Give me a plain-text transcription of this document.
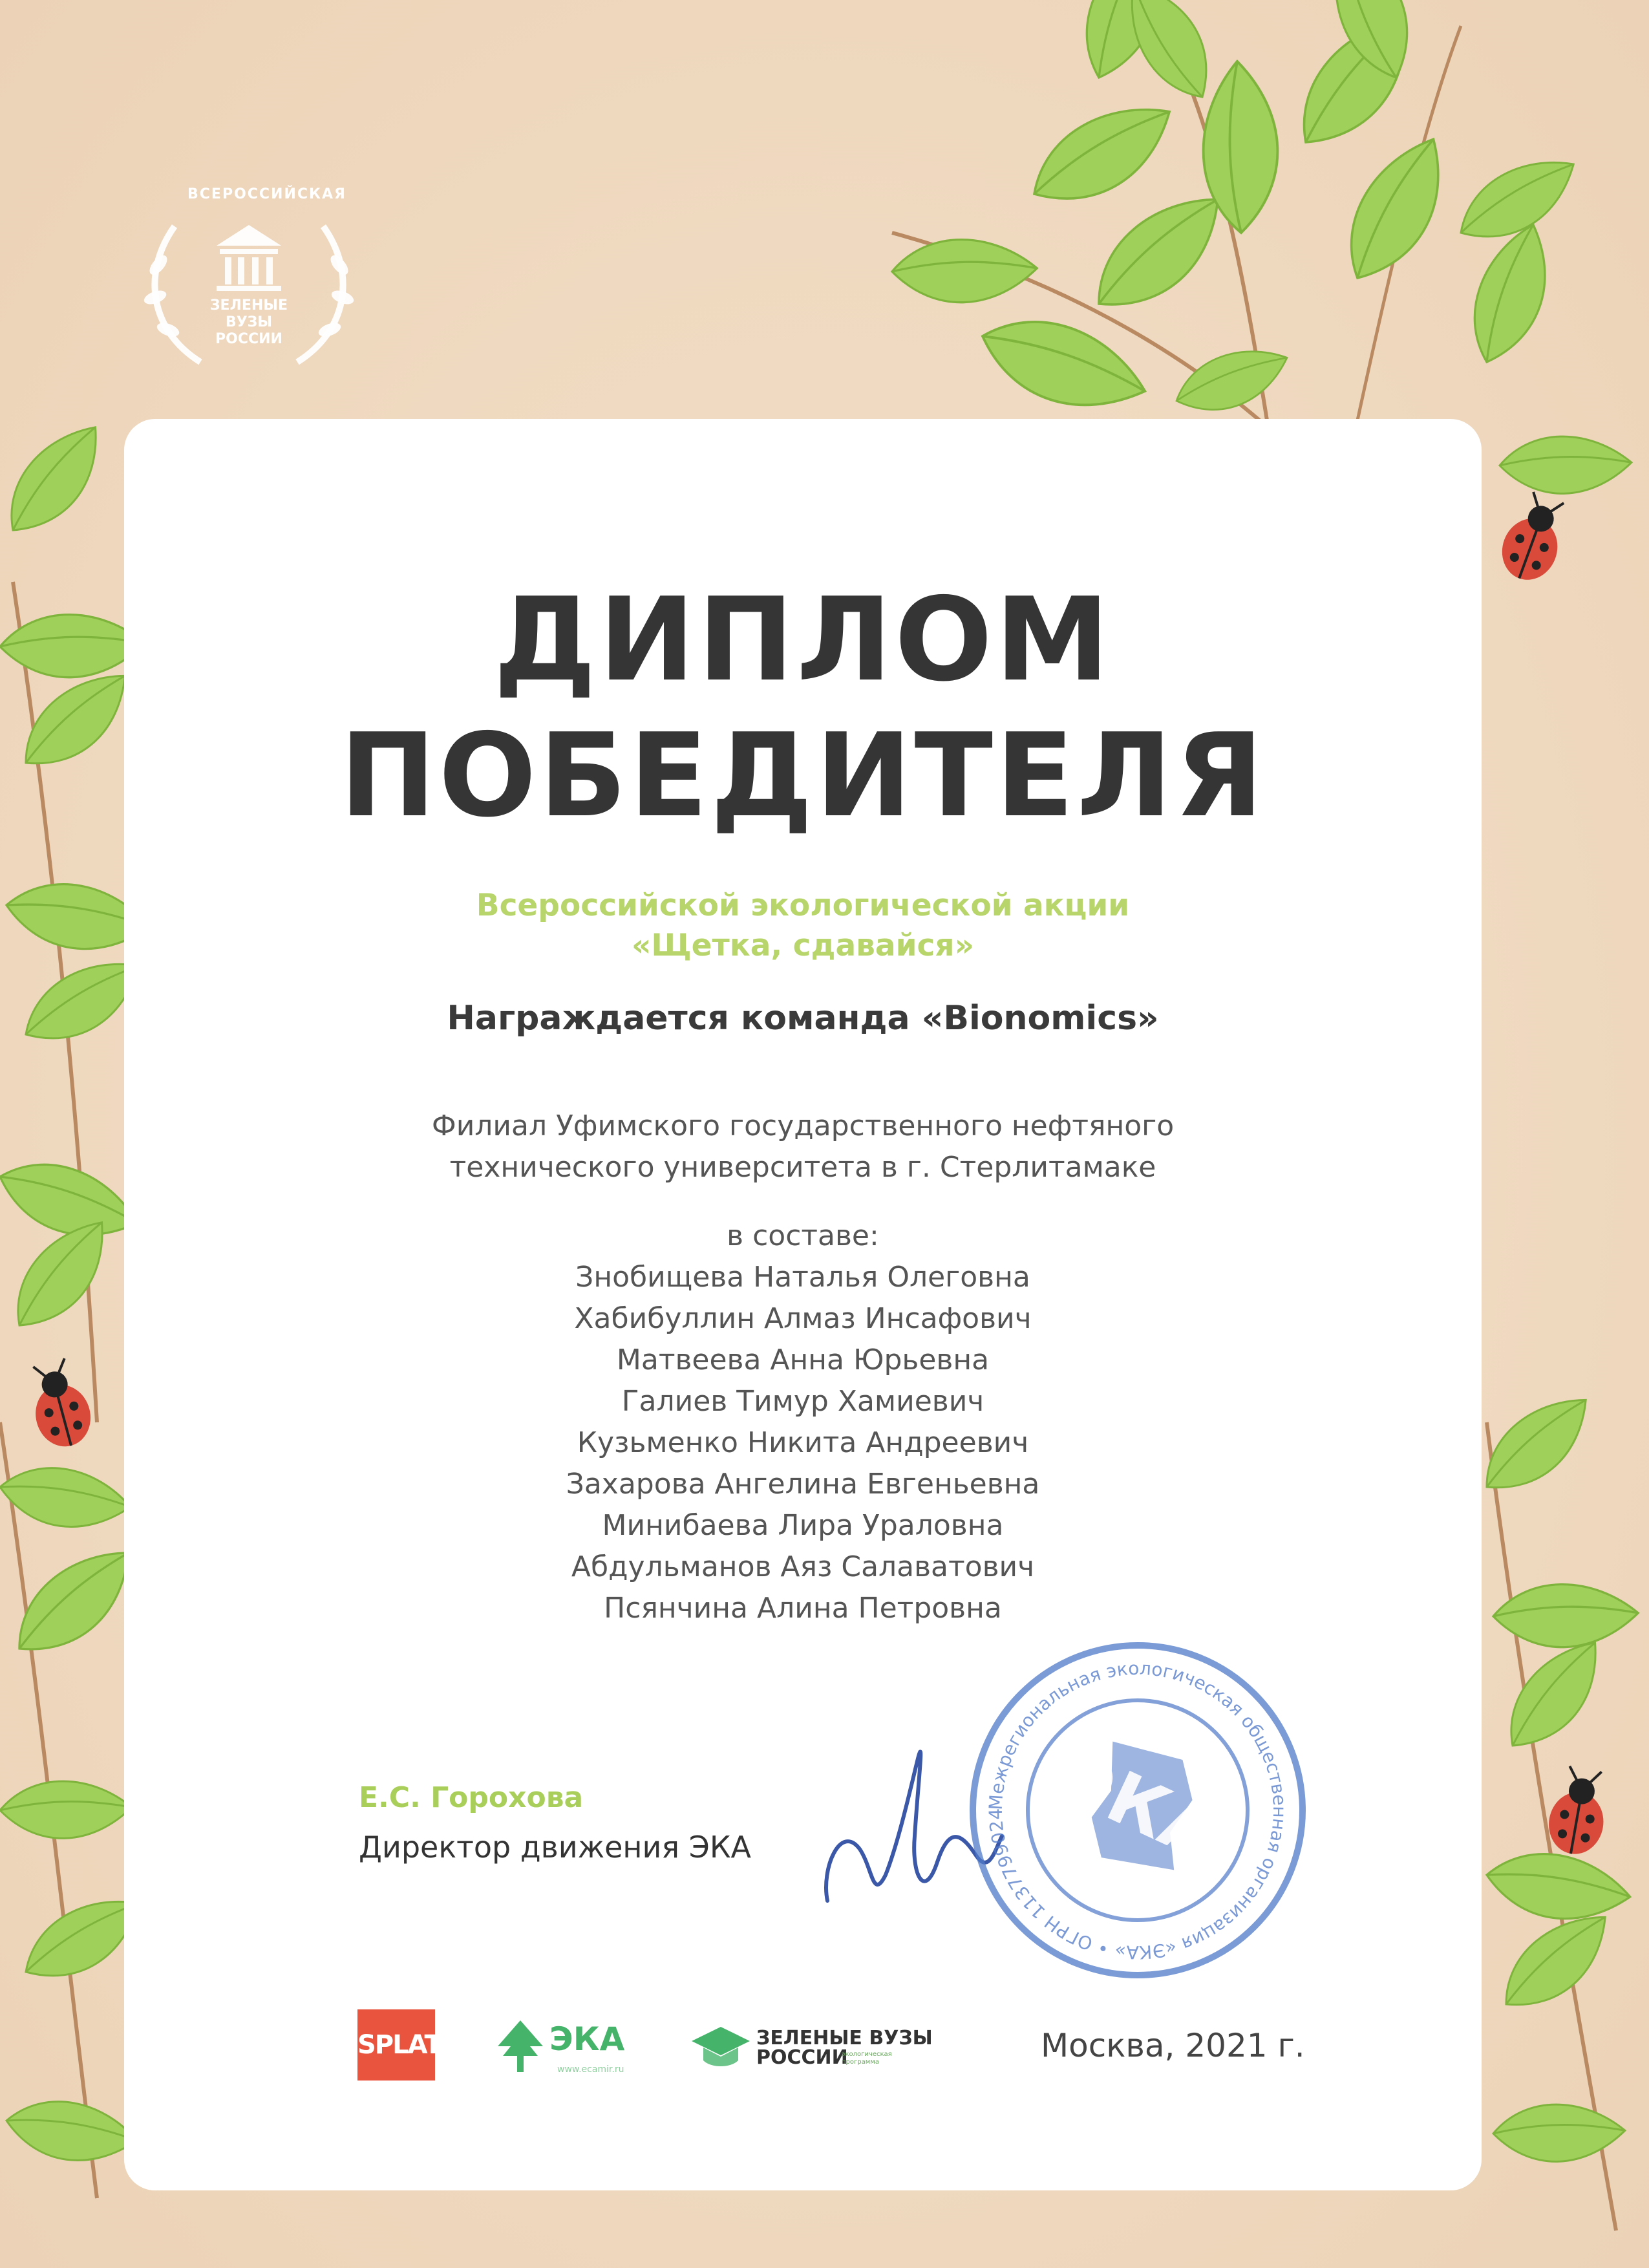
ВСЕРОССИЙСКАЯ
ЗЕЛЕНЫЕ ВУЗЫ РОССИИ
ДИПЛОМ
ПОБЕДИТЕЛЯ
Всероссийской экологической акции
«Щетка, сдавайся»
Награждается команда «Bionomics»
Филиал Уфимского государственного нефтяного
технического университета в г. Стерлитамаке
в составе:
Знобищева Наталья Олеговна
Хабибуллин Алмаз Инсафович
Матвеева Анна Юрьевна
Галиев Тимур Хамиевич
Кузьменко Никита Андреевич
Захарова Ангелина Евгеньевна
Минибаева Лира Ураловна
Абдульманов Аяз Салаватович
Псянчина Алина Петровна
Е.С. Горохова
Директор движения ЭКА
Межрегиональная экологическая общественная организация «ЭКА» • ОГРН 1137799024 ЭКА
SPLAT	ЭКА
www.ecamir.ru
ЗЕЛЕНЫЕ ВУЗЫ
РОССИИ
экологическая программа	Москва, 2021 г.
